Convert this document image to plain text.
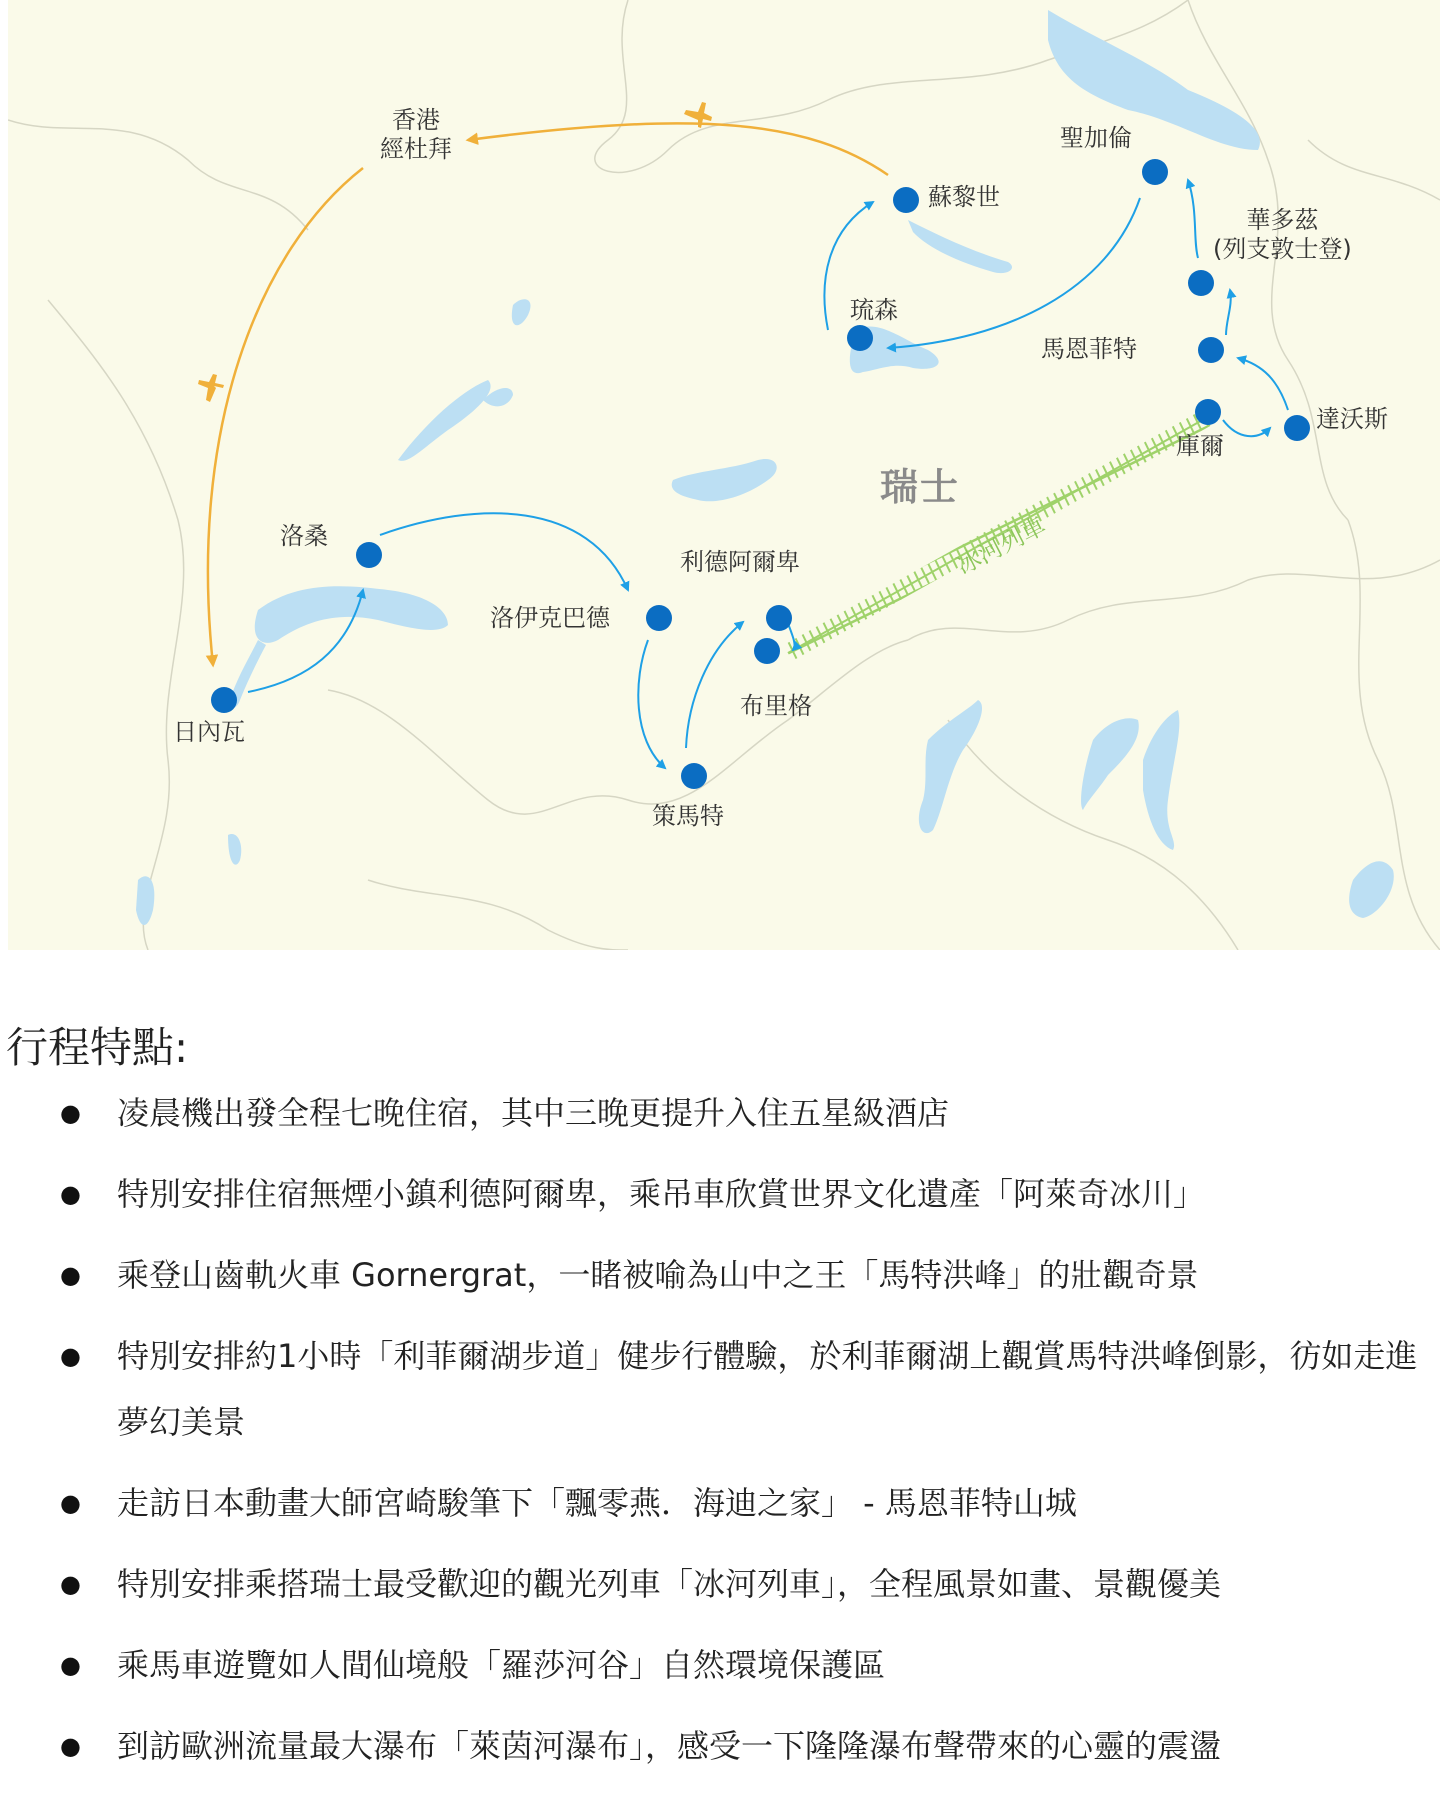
香港
經杜拜
蘇黎世
聖加倫
華多茲
(列支敦士登)
琉森
馬恩菲特
庫爾
達沃斯
瑞士
洛桑
利德阿爾卑
洛伊克巴德
布里格
策馬特
日內瓦
冰河列車
行程特點:
● 凌晨機出發全程七晚住宿，其中三晚更提升入住五星級酒店
● 特別安排住宿無煙小鎮利德阿爾卑，乘吊車欣賞世界文化遺產「阿萊奇冰川」
● 乘登山齒軌火車 Gornergrat，一睹被喻為山中之王「馬特洪峰」的壯觀奇景
● 特別安排約1小時「利菲爾湖步道」健步行體驗，於利菲爾湖上觀賞馬特洪峰倒影，彷如走進夢幻美景
● 走訪日本動畫大師宮崎駿筆下「飄零燕．海迪之家」 - 馬恩菲特山城
● 特別安排乘搭瑞士最受歡迎的觀光列車「冰河列車」，全程風景如畫、景觀優美
● 乘馬車遊覽如人間仙境般「羅莎河谷」自然環境保護區
● 到訪歐洲流量最大瀑布「萊茵河瀑布」，感受一下隆隆瀑布聲帶來的心靈的震盪
